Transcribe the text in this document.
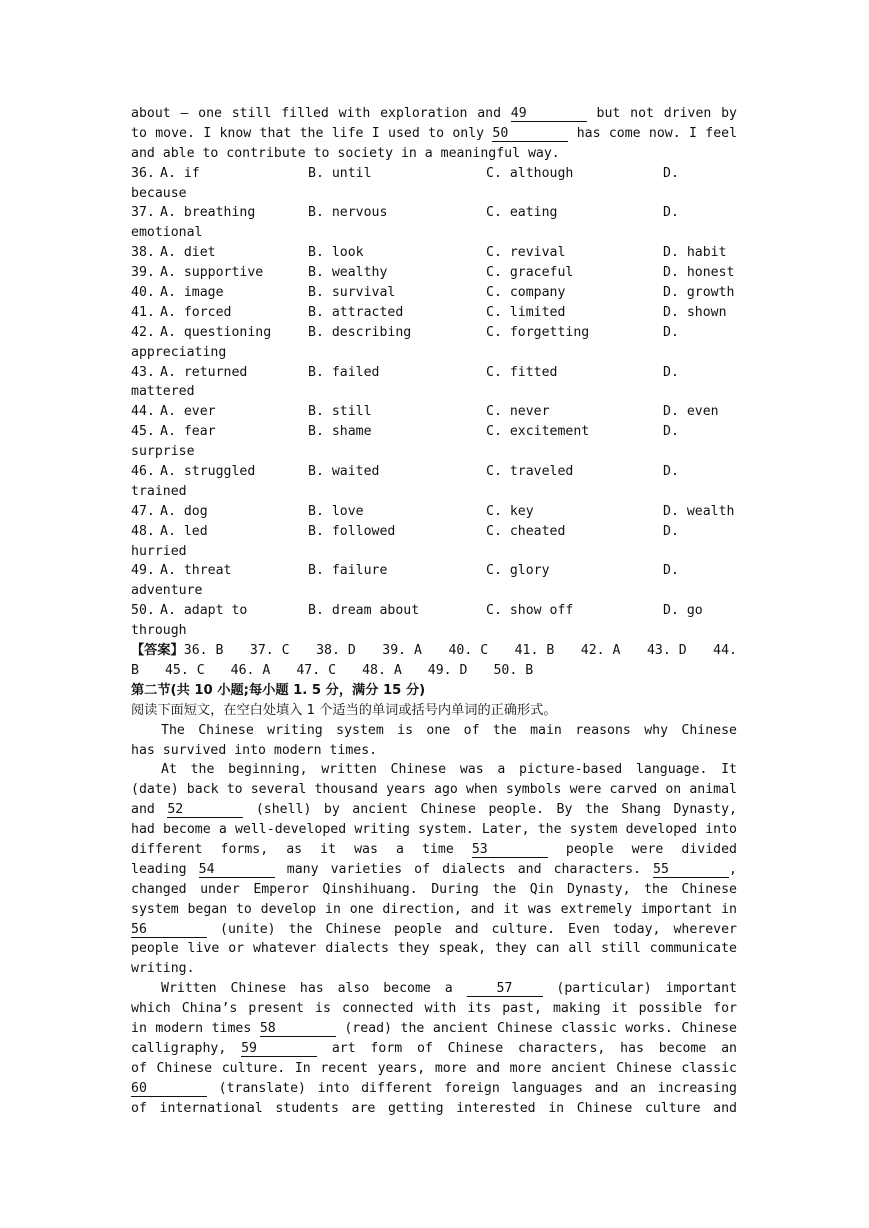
about — one still filled with exploration and 49	but not driven by
to move. I know that the life I used to only 50	has come now. I feel
and able to contribute to society in a meaningful way.
36. A. if	B. until	C. although	D.
because
37. A. breathing	B. nervous	C. eating	D.
emotional
38. A. diet	B. look	C. revival	D. habit
39. A. supportive	B. wealthy	C. graceful	D. honest
40. A. image	B. survival	C. company	D. growth
41. A. forced	B. attracted	C. limited	D. shown
42. A. questioning	B. describing	C. forgetting	D.
appreciating
43. A. returned	B. failed	C. fitted	D.
mattered
44. A. ever	B. still	C. never	D. even
45. A. fear	B. shame	C. excitement	D.
surprise
46. A. struggled	B. waited	C. traveled	D.
trained
47. A. dog	B. love	C. key	D. wealth
48. A. led	B. followed	C. cheated	D.
hurried
49. A. threat	B. failure	C. glory	D.
adventure
50. A. adapt to	B. dream about	C. show off	D. go
through
【答案】36. B 37. C 38. D 39. A 40. C 41. B 42. A 43. D 44.
B 45. C 46. A 47. C 48. A 49. D 50. B
第二节(共 10 小题;每小题 1. 5 分，满分 15 分)
阅读下面短文，在空白处填入 1 个适当的单词或括号内单词的正确形式。
The Chinese writing system is one of the main reasons why Chinese
has survived into modern times.
At the beginning, written Chinese was a picture-based language. It
(date) back to several thousand years ago when symbols were carved on animal
and 52	(shell) by ancient Chinese people. By the Shang Dynasty,
had become a well-developed writing system. Later, the system developed into
different forms, as it was a time 53	people were divided
leading 54	many varieties of dialects and characters. 55	,
changed under Emperor Qinshihuang. During the Qin Dynasty, the Chinese
system began to develop in one direction, and it was extremely important in
56	(unite) the Chinese people and culture. Even today, wherever
people live or whatever dialects they speak, they can all still communicate
writing.
Written Chinese has also become a 57	(particular) important
which China’s present is connected with its past, making it possible for
in modern times 58	(read) the ancient Chinese classic works. Chinese
calligraphy, 59	art form of Chinese characters, has become an
of Chinese culture. In recent years, more and more ancient Chinese classic
60	(translate) into different foreign languages and an increasing
of international students are getting interested in Chinese culture and
